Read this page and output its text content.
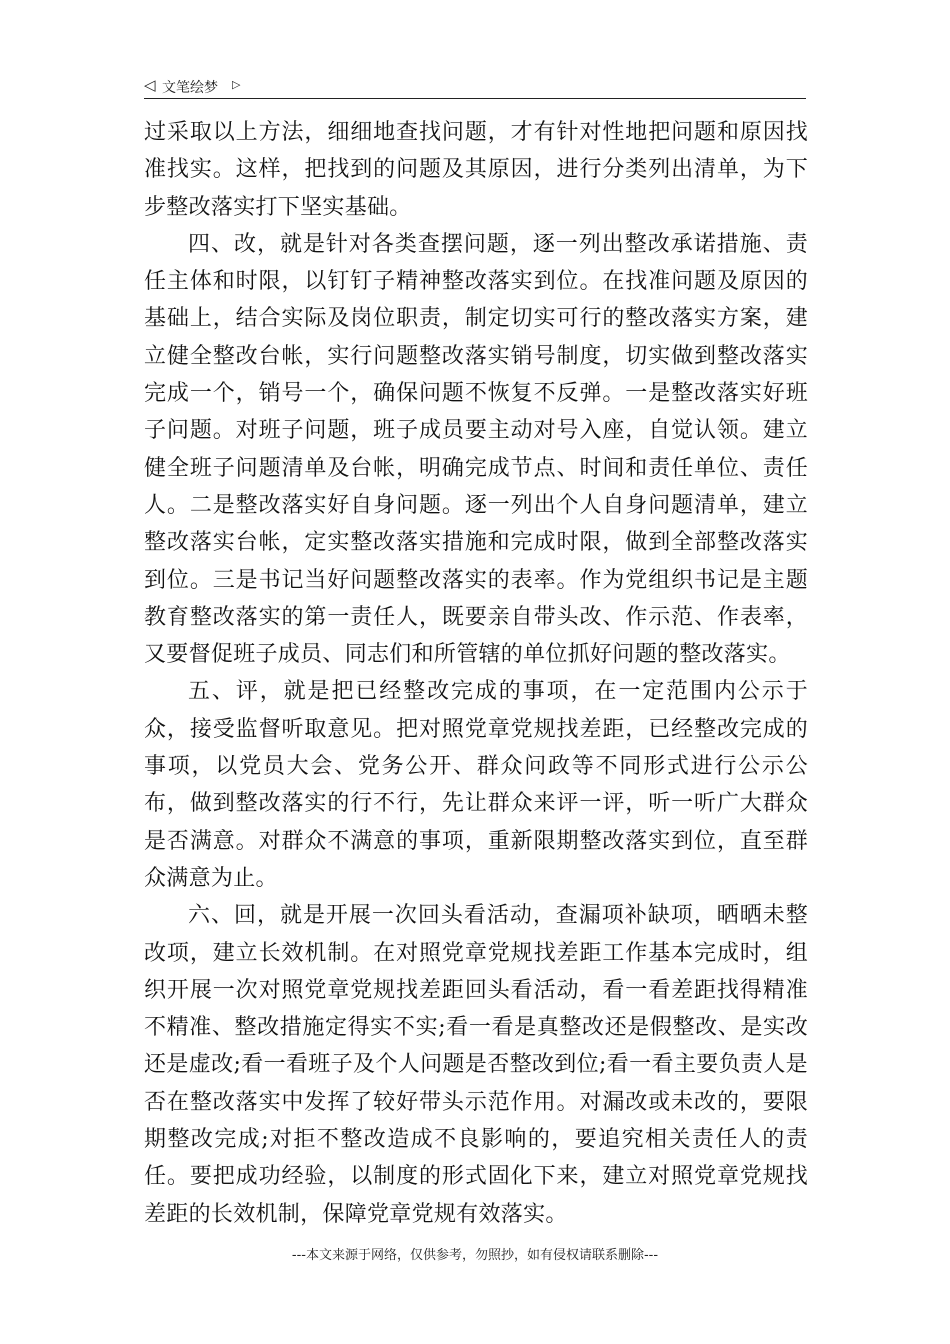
◁ 文笔绘梦 ▷

过采取以上方法，细细地查找问题，才有针对性地把问题和原因找准找实。这样，把找到的问题及其原因，进行分类列出清单，为下步整改落实打下坚实基础。

四、改，就是针对各类查摆问题，逐一列出整改承诺措施、责任主体和时限，以钉钉子精神整改落实到位。在找准问题及原因的基础上，结合实际及岗位职责，制定切实可行的整改落实方案，建立健全整改台帐，实行问题整改落实销号制度，切实做到整改落实完成一个，销号一个，确保问题不恢复不反弹。一是整改落实好班子问题。对班子问题，班子成员要主动对号入座，自觉认领。建立健全班子问题清单及台帐，明确完成节点、时间和责任单位、责任人。二是整改落实好自身问题。逐一列出个人自身问题清单，建立整改落实台帐，定实整改落实措施和完成时限，做到全部整改落实到位。三是书记当好问题整改落实的表率。作为党组织书记是主题教育整改落实的第一责任人，既要亲自带头改、作示范、作表率，又要督促班子成员、同志们和所管辖的单位抓好问题的整改落实。

五、评，就是把已经整改完成的事项，在一定范围内公示于众，接受监督听取意见。把对照党章党规找差距，已经整改完成的事项，以党员大会、党务公开、群众问政等不同形式进行公示公布，做到整改落实的行不行，先让群众来评一评，听一听广大群众是否满意。对群众不满意的事项，重新限期整改落实到位，直至群众满意为止。

六、回，就是开展一次回头看活动，查漏项补缺项，晒晒未整改项，建立长效机制。在对照党章党规找差距工作基本完成时，组织开展一次对照党章党规找差距回头看活动，看一看差距找得精准不精准、整改措施定得实不实;看一看是真整改还是假整改、是实改还是虚改;看一看班子及个人问题是否整改到位;看一看主要负责人是否在整改落实中发挥了较好带头示范作用。对漏改或未改的，要限期整改完成;对拒不整改造成不良影响的，要追究相关责任人的责任。要把成功经验，以制度的形式固化下来，建立对照党章党规找差距的长效机制，保障党章党规有效落实。

---本文来源于网络，仅供参考，勿照抄，如有侵权请联系删除---
